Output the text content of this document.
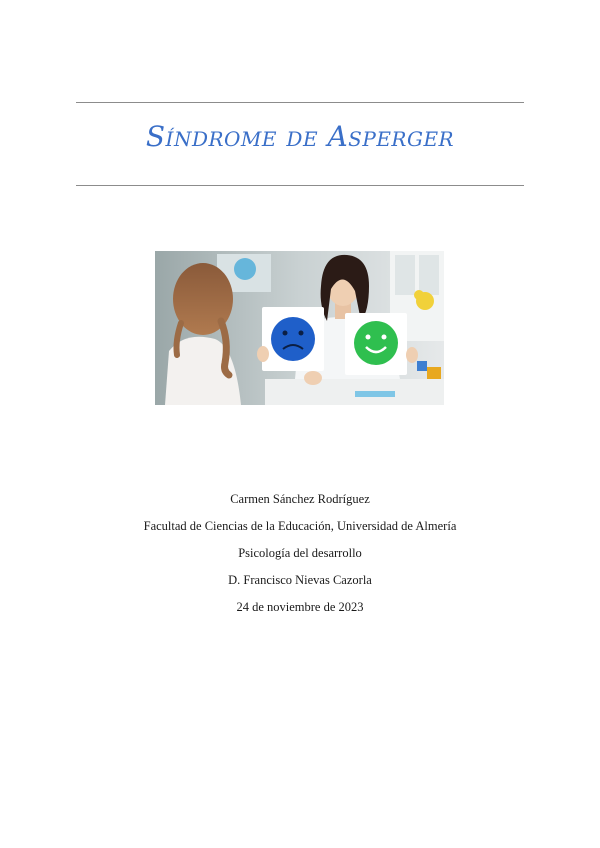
Síndrome de Asperger
Carmen Sánchez Rodríguez
Facultad de Ciencias de la Educación, Universidad de Almería
Psicología del desarrollo
D. Francisco Nievas Cazorla
24 de noviembre de 2023
